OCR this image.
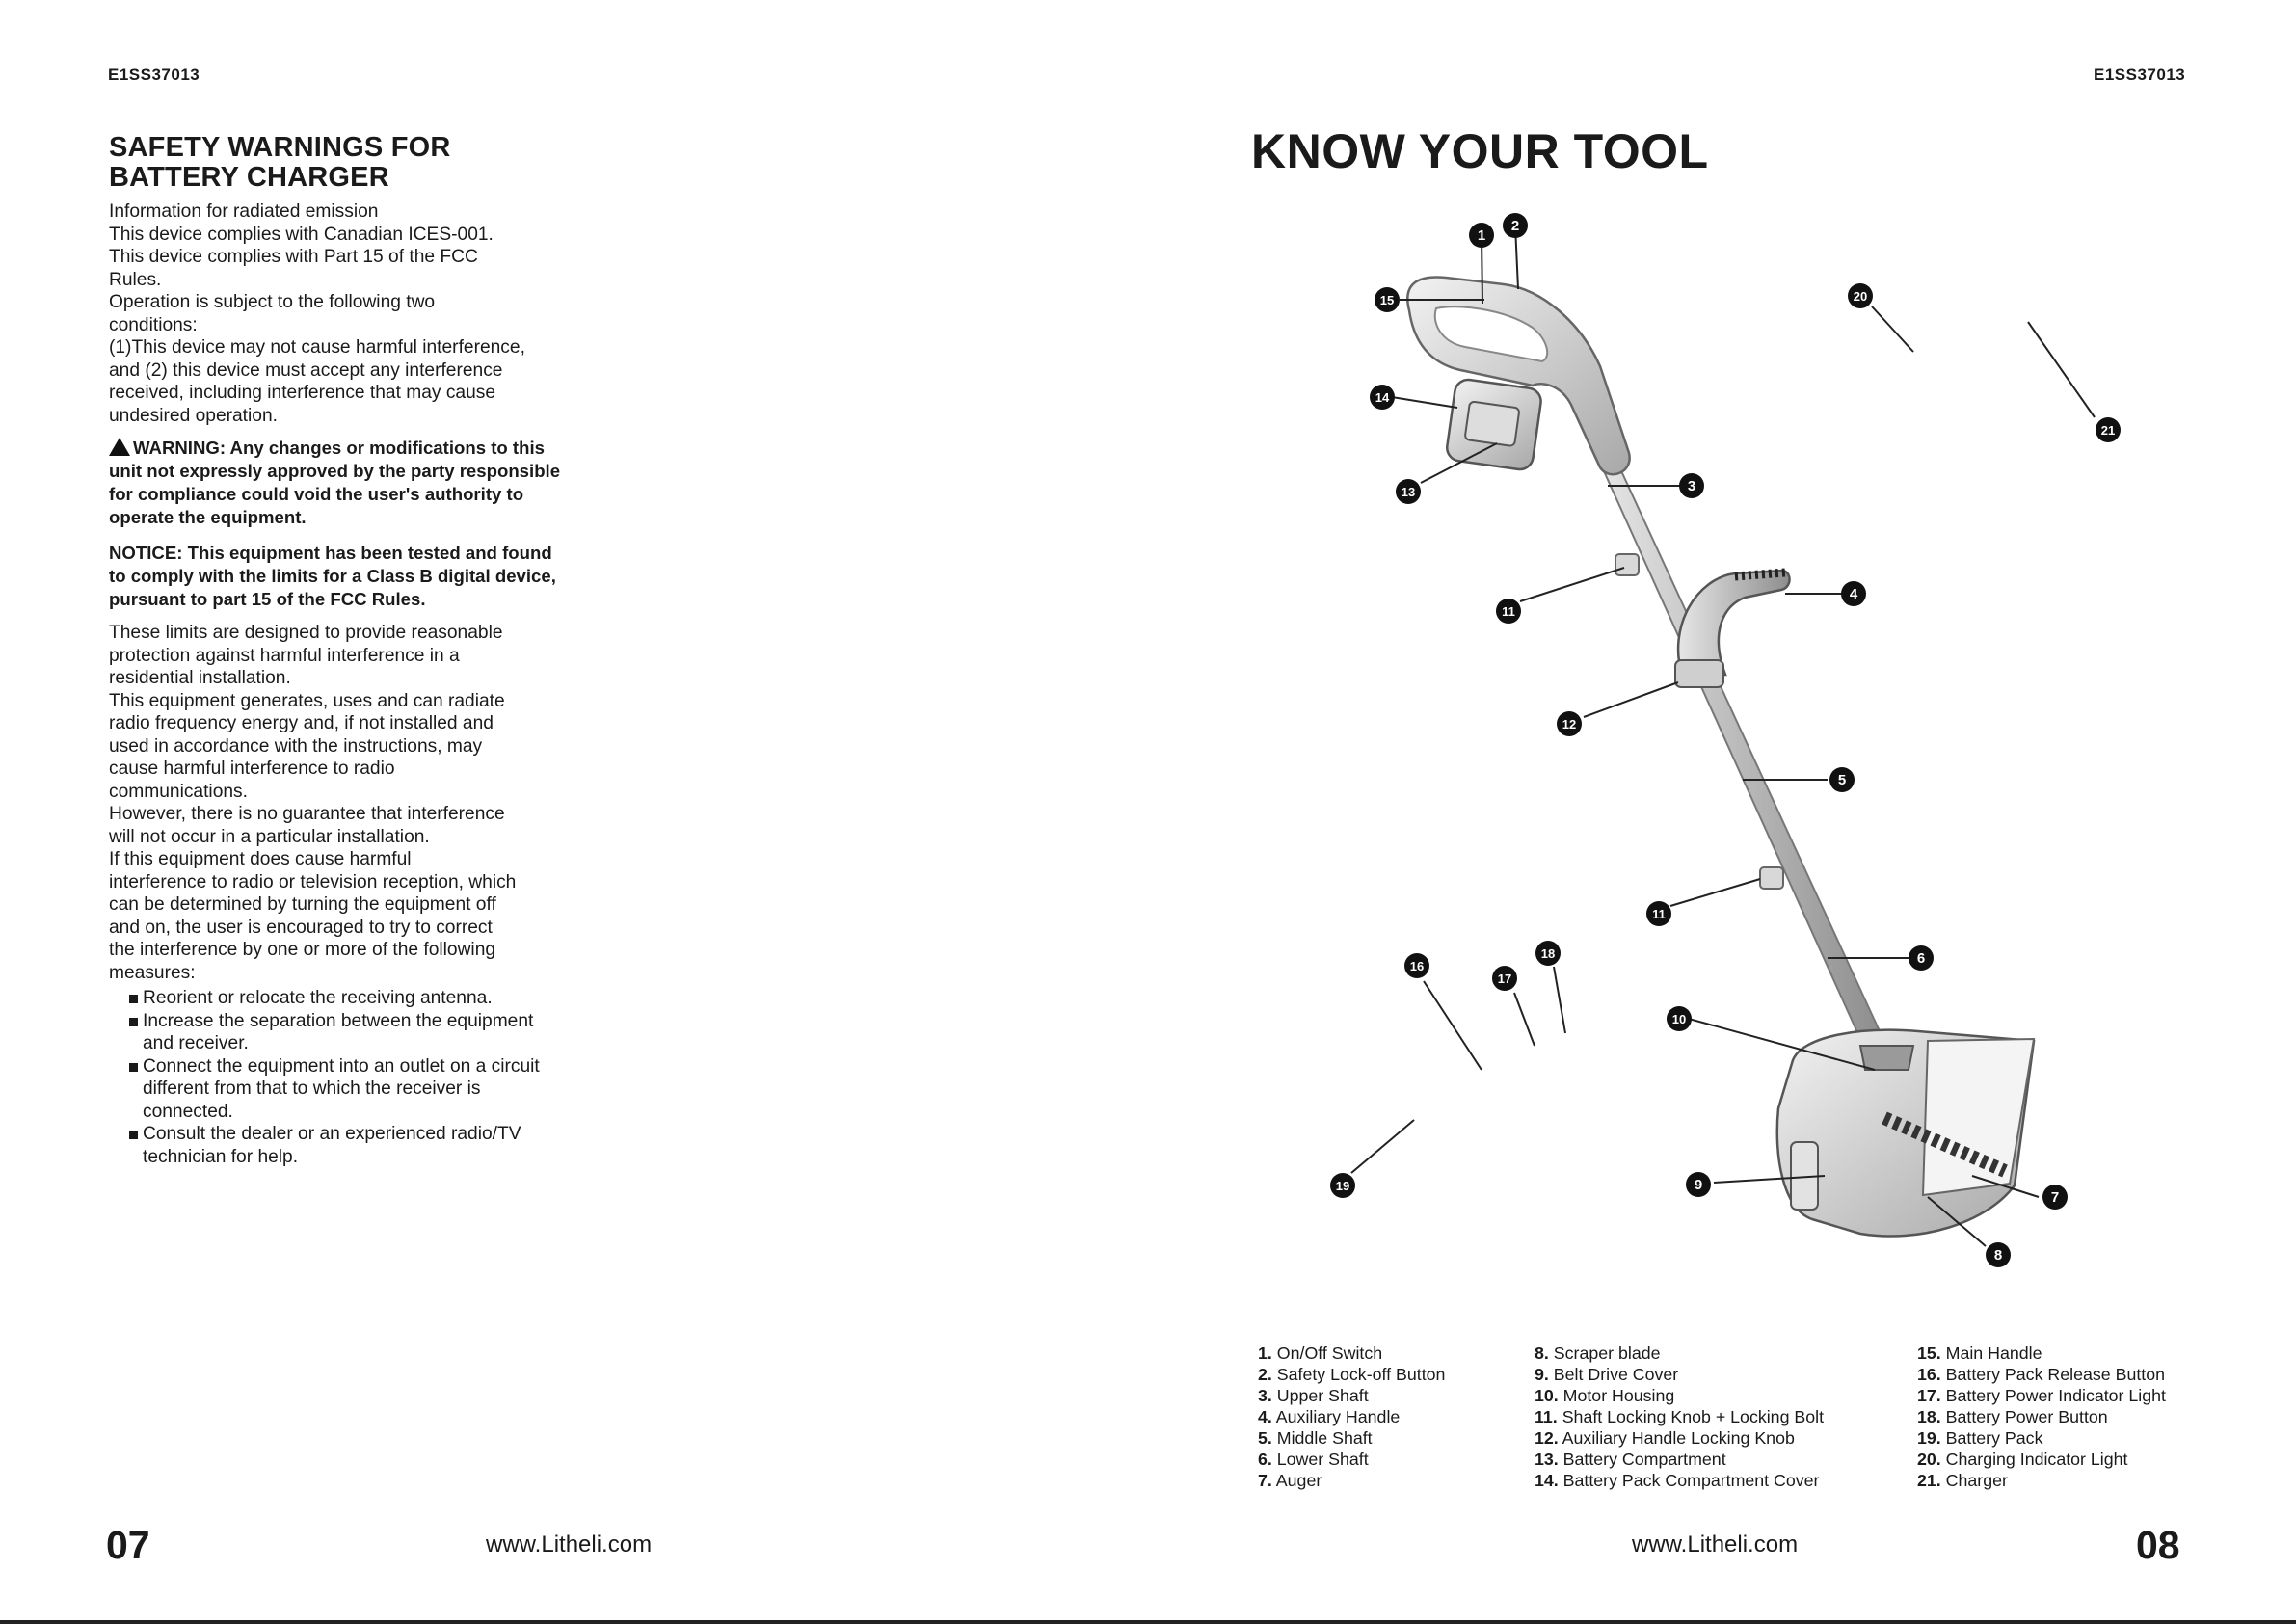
E1SS37013	E1SS37013
SAFETY WARNINGS FOR
BATTERY CHARGER

Information for radiated emission

This device complies with Canadian ICES-001.

This device complies with Part 15 of the FCC

Rules.

Operation is subject to the following two

conditions:

(1)This device may not cause harmful interference,

and (2) this device must accept any interference

received, including interference that may cause

undesired operation.

WARNING: Any changes or modifications to this unit not expressly approved by the party responsible for compliance could void the user's authority to operate the equipment.

NOTICE: This equipment has been tested and found to comply with the limits for a Class B digital device, pursuant to part 15 of the FCC Rules.

These limits are designed to provide reasonable

protection against harmful interference in a

residential installation.

This equipment generates, uses and can radiate

radio frequency energy and, if not installed and

used in accordance with the instructions, may

cause harmful interference to radio

communications.

However, there is no guarantee that interference

will not occur in a particular installation.

If this equipment does cause harmful

interference to radio or television reception, which

can be determined by turning the equipment off

and on, the user is encouraged to try to correct

the interference by one or more of the following

measures:

Reorient or relocate the receiving antenna.
Increase the separation between the equipment and receiver.
Connect the equipment into an outlet on a circuit different from that to which the receiver is connected.
Consult the dealer or an experienced radio/TV technician for help.
07	www.Litheli.com
KNOW YOUR TOOL
1
2
3
4
5
6
7
8
9
10
11
11
12
13
14
15
16
17
18
19
20
21
1. On/Off Switch
2. Safety Lock-off Button
3. Upper Shaft
4. Auxiliary Handle
5. Middle Shaft
6. Lower Shaft
7. Auger
8. Scraper blade
9. Belt Drive Cover
10. Motor Housing
11. Shaft Locking Knob + Locking Bolt
12. Auxiliary Handle Locking Knob
13. Battery Compartment
14. Battery Pack Compartment Cover
15. Main Handle
16. Battery Pack Release Button
17. Battery Power Indicator Light
18. Battery Power Button
19. Battery Pack
20. Charging Indicator Light
21. Charger
www.Litheli.com	08
